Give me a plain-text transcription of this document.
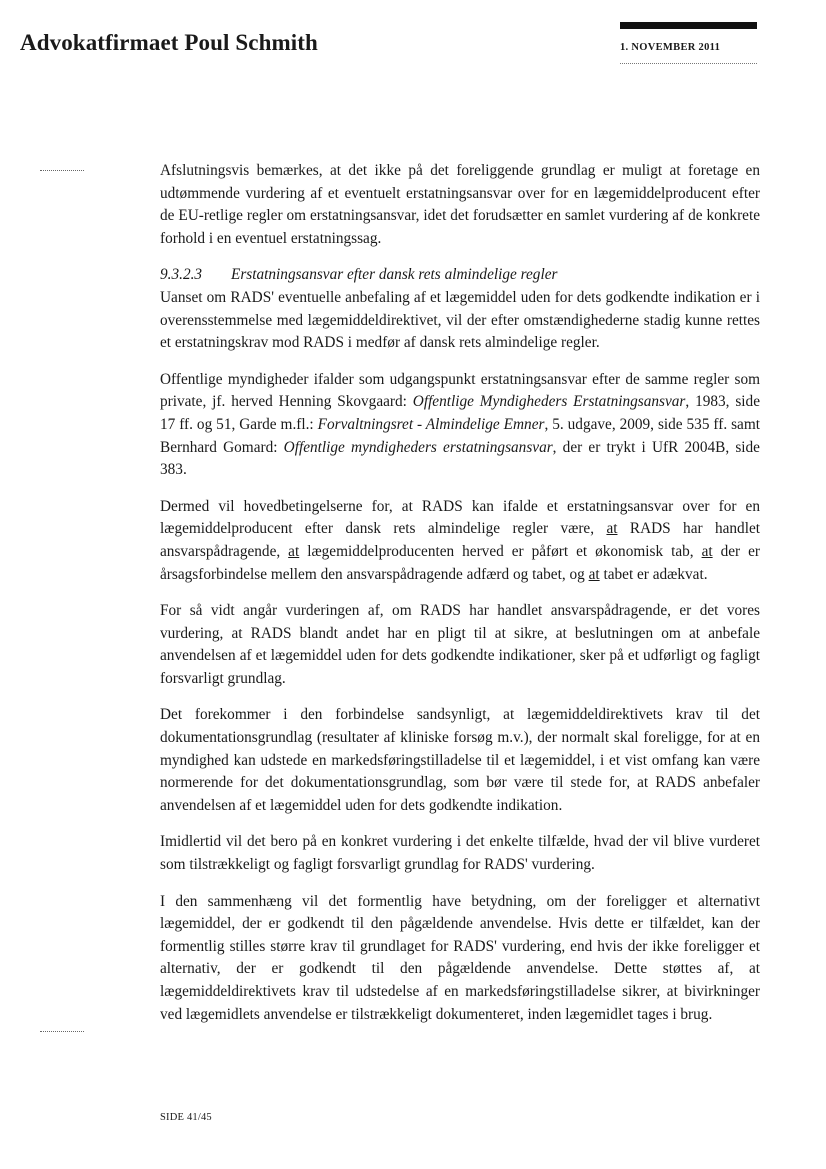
Advokatfirmaet Poul Schmith	1. NOVEMBER 2011

Afslutningsvis bemærkes, at det ikke på det foreliggende grundlag er muligt at foretage en udtømmende vurdering af et eventuelt erstatningsansvar over for en lægemiddelproducent efter de EU-retlige regler om erstatningsansvar, idet det forudsætter en samlet vurdering af de konkrete forhold i en eventuel erstatningssag.

9.3.2.3 Erstatningsansvar efter dansk rets almindelige regler

Uanset om RADS' eventuelle anbefaling af et lægemiddel uden for dets godkendte indikation er i overensstemmelse med lægemiddeldirektivet, vil der efter omstændighederne stadig kunne rettes et erstatningskrav mod RADS i medfør af dansk rets almindelige regler.

Offentlige myndigheder ifalder som udgangspunkt erstatningsansvar efter de samme regler som private, jf. herved Henning Skovgaard: Offentlige Myndigheders Erstatningsansvar, 1983, side 17 ff. og 51, Garde m.fl.: Forvaltningsret - Almindelige Emner, 5. udgave, 2009, side 535 ff. samt Bernhard Gomard: Offentlige myndigheders erstatningsansvar, der er trykt i UfR 2004B, side 383.

Dermed vil hovedbetingelserne for, at RADS kan ifalde et erstatningsansvar over for en lægemiddelproducent efter dansk rets almindelige regler være, at RADS har handlet ansvarspådragende, at lægemiddelproducenten herved er påført et økonomisk tab, at der er årsagsforbindelse mellem den ansvarspådragende adfærd og tabet, og at tabet er adækvat.

For så vidt angår vurderingen af, om RADS har handlet ansvarspådragende, er det vores vurdering, at RADS blandt andet har en pligt til at sikre, at beslutningen om at anbefale anvendelsen af et lægemiddel uden for dets godkendte indikationer, sker på et udførligt og fagligt forsvarligt grundlag.

Det forekommer i den forbindelse sandsynligt, at lægemiddeldirektivets krav til det dokumentationsgrundlag (resultater af kliniske forsøg m.v.), der normalt skal foreligge, for at en myndighed kan udstede en markedsføringstilladelse til et lægemiddel, i et vist omfang kan være normerende for det dokumentationsgrundlag, som bør være til stede for, at RADS anbefaler anvendelsen af et lægemiddel uden for dets godkendte indikation.

Imidlertid vil det bero på en konkret vurdering i det enkelte tilfælde, hvad der vil blive vurderet som tilstrækkeligt og fagligt forsvarligt grundlag for RADS' vurdering.

I den sammenhæng vil det formentlig have betydning, om der foreligger et alternativt lægemiddel, der er godkendt til den pågældende anvendelse. Hvis dette er tilfældet, kan der formentlig stilles større krav til grundlaget for RADS' vurdering, end hvis der ikke foreligger et alternativ, der er godkendt til den pågældende anvendelse. Dette støttes af, at lægemiddeldirektivets krav til udstedelse af en markedsføringstilladelse sikrer, at bivirkninger ved lægemidlets anvendelse er tilstrækkeligt dokumenteret, inden lægemidlet tages i brug.

SIDE 41/45
